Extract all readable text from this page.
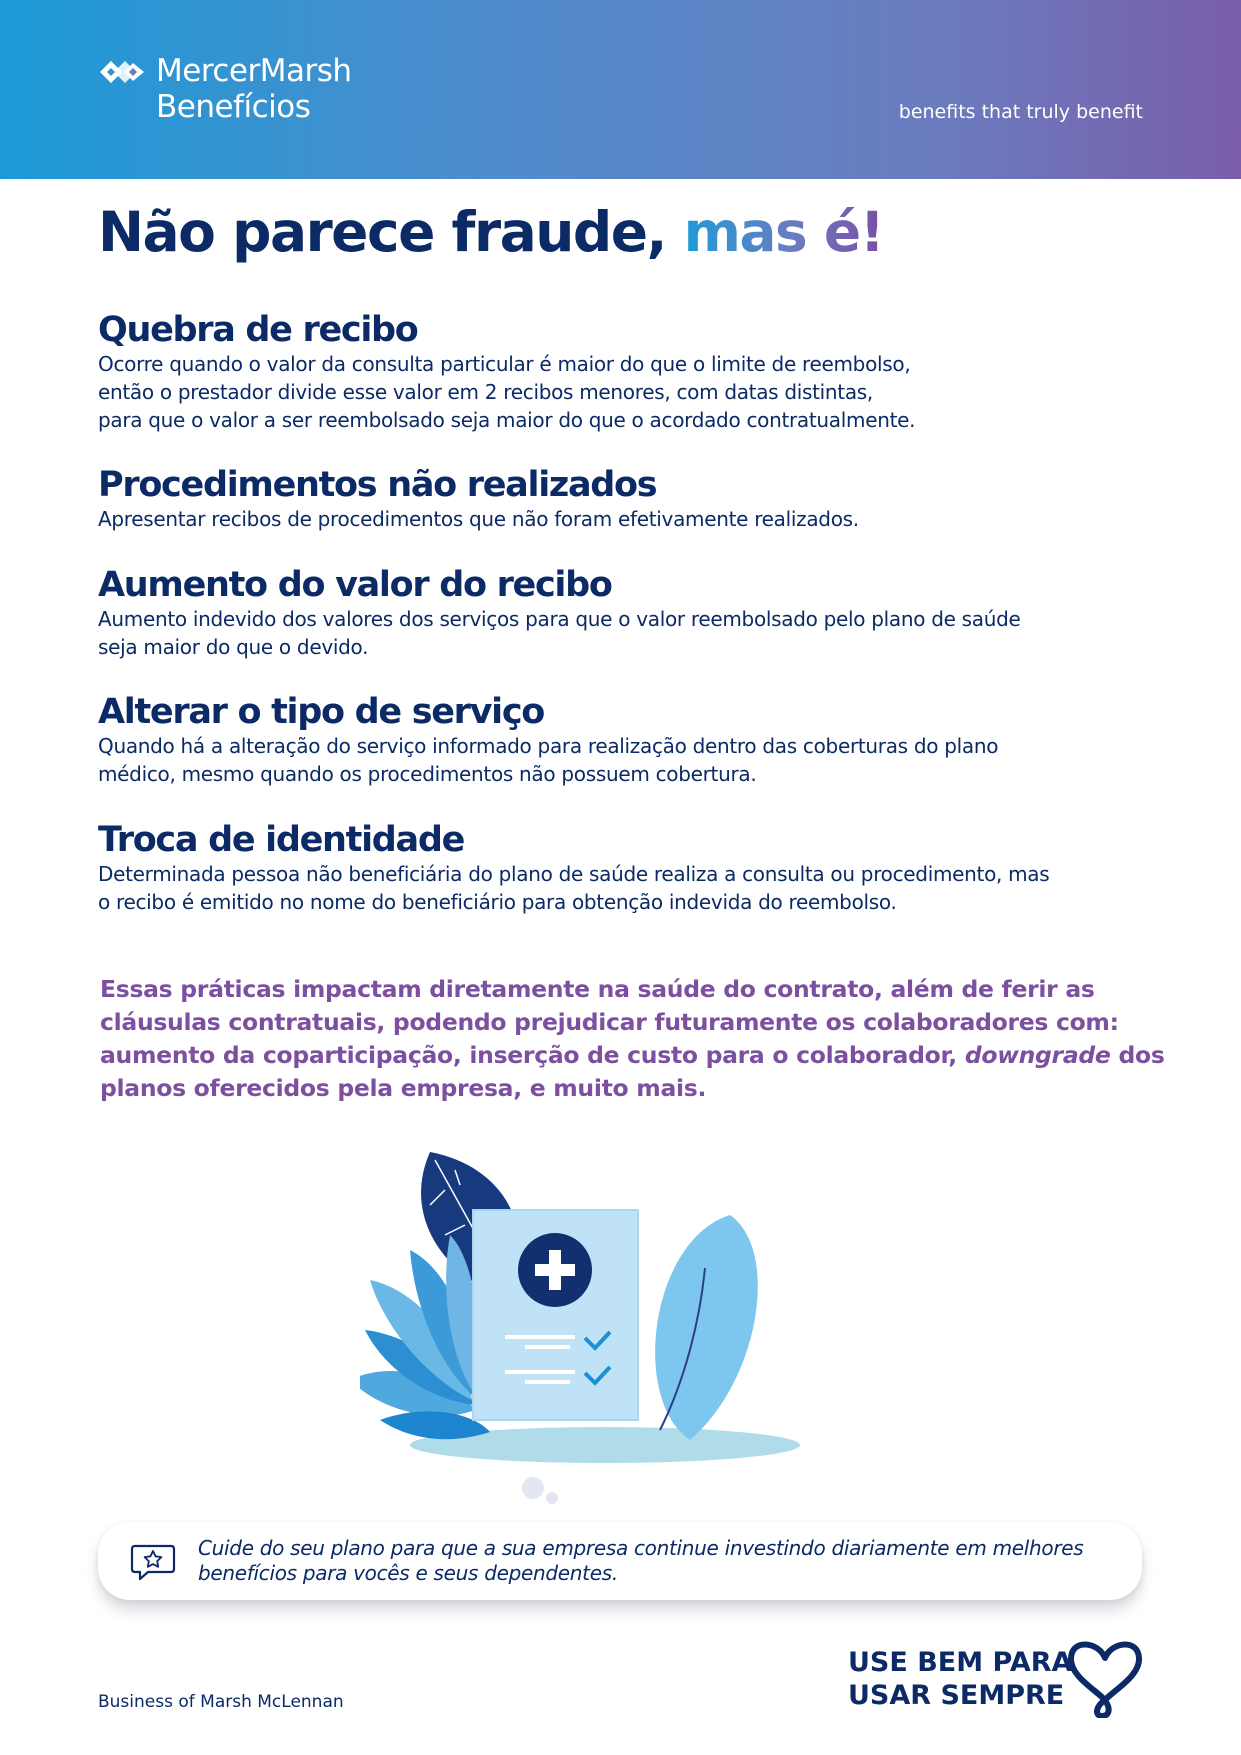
MercerMarsh
Benefícios	benefits that truly benefit
Não parece fraude, mas é!
Quebra de recibo

Ocorre quando o valor da consulta particular é maior do que o limite de reembolso,

então o prestador divide esse valor em 2 recibos menores, com datas distintas,

para que o valor a ser reembolsado seja maior do que o acordado contratualmente.

Procedimentos não realizados

Apresentar recibos de procedimentos que não foram efetivamente realizados.

Aumento do valor do recibo

Aumento indevido dos valores dos serviços para que o valor reembolsado pelo plano de saúde

seja maior do que o devido.

Alterar o tipo de serviço

Quando há a alteração do serviço informado para realização dentro das coberturas do plano

médico, mesmo quando os procedimentos não possuem cobertura.

Troca de identidade

Determinada pessoa não beneficiária do plano de saúde realiza a consulta ou procedimento, mas

o recibo é emitido no nome do beneficiário para obtenção indevida do reembolso.

Essas práticas impactam diretamente na saúde do contrato, além de ferir as
cláusulas contratuais, podendo prejudicar futuramente os colaboradores com:
aumento da coparticipação, inserção de custo para o colaborador, downgrade dos
planos oferecidos pela empresa, e muito mais.
Cuide do seu plano para que a sua empresa continue investindo diariamente em melhores
benefícios para vocês e seus dependentes.
Business of Marsh McLennan
USE BEM PARA
USAR SEMPRE
